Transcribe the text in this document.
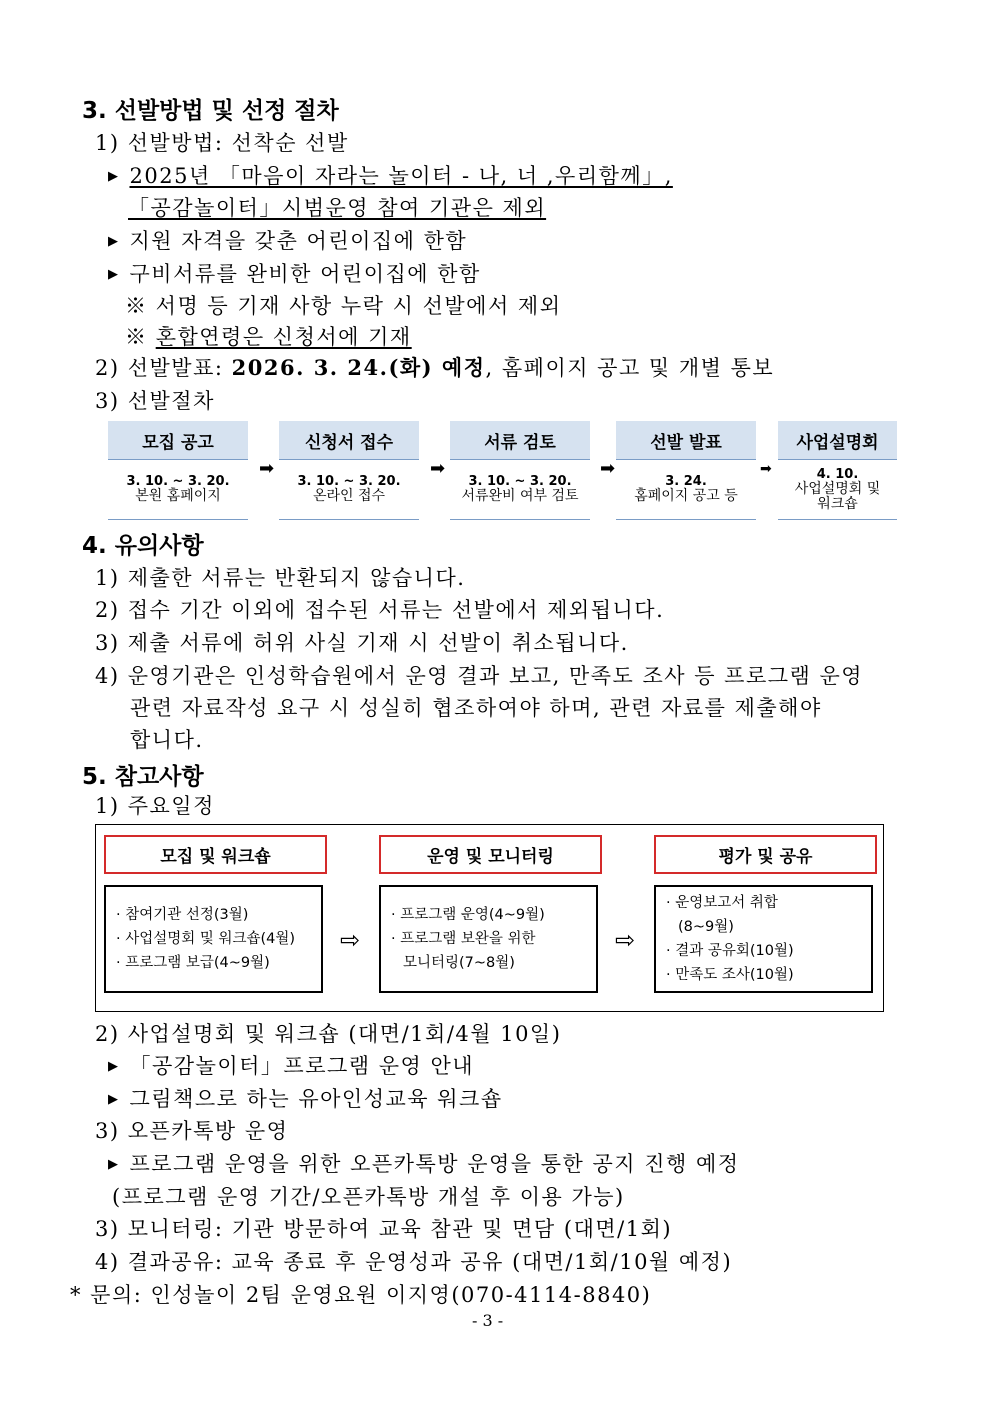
3. 선발방법 및 선정 절차
1) 선발방법: 선착순 선발
▶ 2025년 「마음이 자라는 놀이터 - 나, 너 ,우리함께」,
「공감놀이터」시범운영 참여 기관은 제외
▶ 지원 자격을 갖춘 어린이집에 한함
▶ 구비서류를 완비한 어린이집에 한함
※ 서명 등 기재 사항 누락 시 선발에서 제외
※ 혼합연령은 신청서에 기재
2) 선발발표: 2026. 3. 24.(화) 예정, 홈페이지 공고 및 개별 통보
3) 선발절차
모집 공고
3. 10. ~ 3. 20.
본원 홈페이지
➡
신청서 접수
3. 10. ~ 3. 20.
온라인 접수
➡
서류 검토
3. 10. ~ 3. 20.
서류완비 여부 검토
➡
선발 발표
3. 24.
홈페이지 공고 등
➡
사업설명회
4. 10.
사업설명회 및 워크숍
4. 유의사항
1) 제출한 서류는 반환되지 않습니다.
2) 접수 기간 이외에 접수된 서류는 선발에서 제외됩니다.
3) 제출 서류에 허위 사실 기재 시 선발이 취소됩니다.
4) 운영기관은 인성학습원에서 운영 결과 보고, 만족도 조사 등 프로그램 운영
관련 자료작성 요구 시 성실히 협조하여야 하며, 관련 자료를 제출해야
합니다.
5. 참고사항
1) 주요일정
모집 및 워크숍
· 참여기관 선정(3월)
· 사업설명회 및 워크숍(4월)
· 프로그램 보급(4~9월)
⇨
운영 및 모니터링
· 프로그램 운영(4~9월)
· 프로그램 보완을 위한
모니터링(7~8월)
⇨
평가 및 공유
· 운영보고서 취합
(8~9월)
· 결과 공유회(10월)
· 만족도 조사(10월)
2) 사업설명회 및 워크숍 (대면/1회/4월 10일)
▶ 「공감놀이터」프로그램 운영 안내
▶ 그림책으로 하는 유아인성교육 워크숍
3) 오픈카톡방 운영
▶ 프로그램 운영을 위한 오픈카톡방 운영을 통한 공지 진행 예정
(프로그램 운영 기간/오픈카톡방 개설 후 이용 가능)
3) 모니터링: 기관 방문하여 교육 참관 및 면담 (대면/1회)
4) 결과공유: 교육 종료 후 운영성과 공유 (대면/1회/10월 예정)
* 문의: 인성놀이 2팀 운영요원 이지영(070-4114-8840)
- 3 -
